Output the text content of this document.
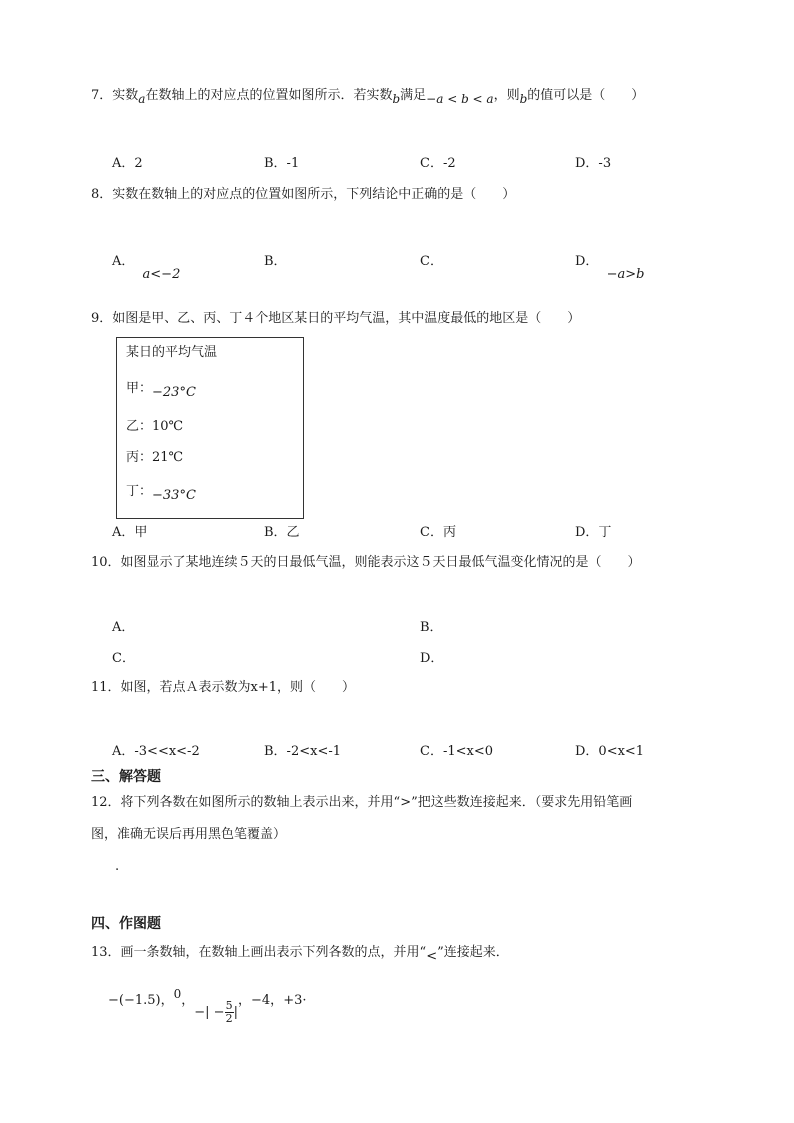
7．实数a在数轴上的对应点的位置如图所示．若实数b满足−a < b < a，则b的值可以是（　　）
A．2	B．-1	C．-2	D．-3
8．实数在数轴上的对应点的位置如图所示，下列结论中正确的是（　　）
A． a<−2
B．	C．	D． −a>b
9．如图是甲、乙、丙、丁４个地区某日的平均气温，其中温度最低的地区是（　　）
某日的平均气温
甲：−23°C
乙：10℃
丙：21℃
丁：−33°C
A．甲	B．乙	C．丙	D．丁
10．如图显示了某地连续５天的日最低气温，则能表示这５天日最低气温变化情况的是（　　）
A．	B．
C．	D．
11．如图，若点Ａ表示数为x+1，则（　　）
A．-3<<x<-2	B．-2<x<-1	C．-1<x<0	D．0<x<1
三、解答题
12．将下列各数在如图所示的数轴上表示出来，并用“>”把这些数连接起来．（要求先用铅笔画
图，准确无误后再用黑色笔覆盖）
.
四、作图题
13．画一条数轴，在数轴上画出表示下列各数的点，并用“<”连接起来．
−(−1.5)，0，−| − $\frac{5}{2}$ |，−4，+3·
